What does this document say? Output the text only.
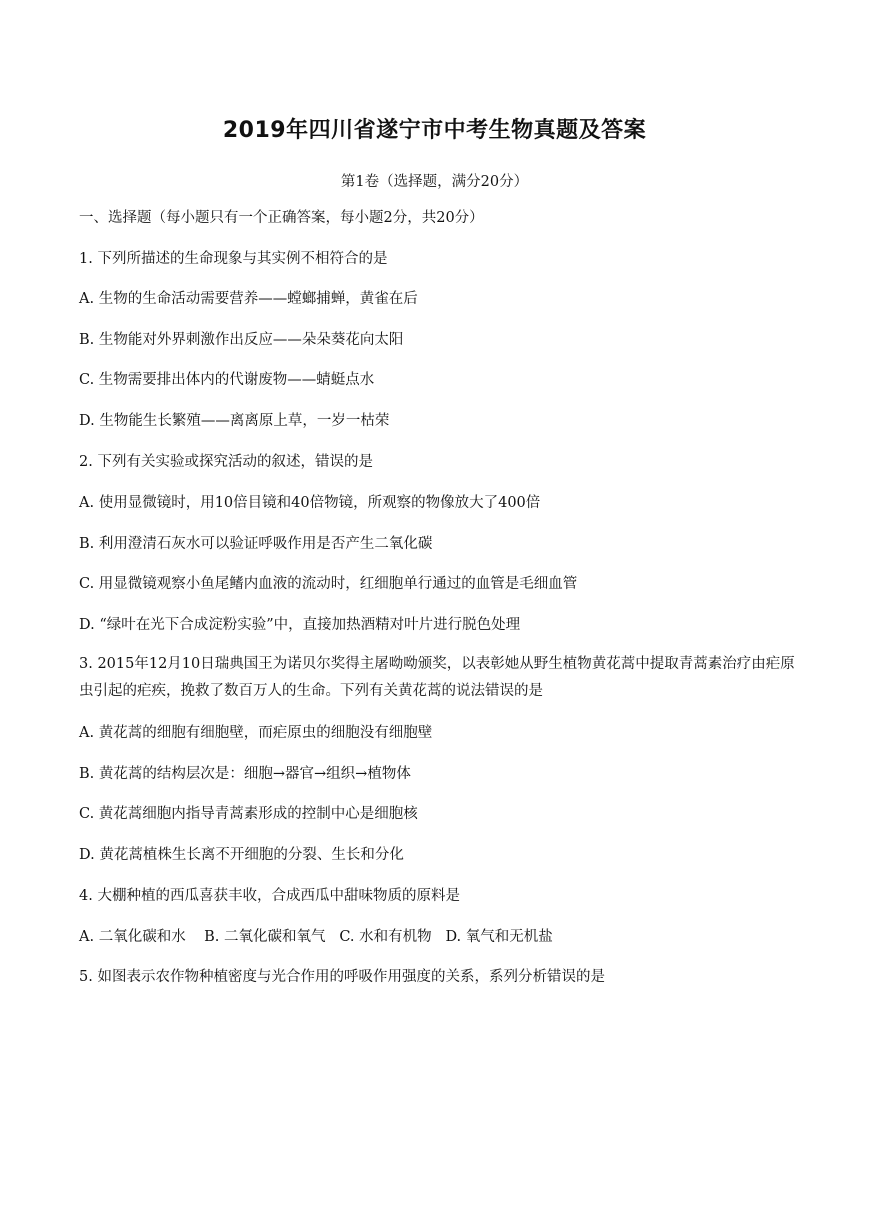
2019年四川省遂宁市中考生物真题及答案
第1卷（选择题，满分20分）
一、选择题（每小题只有一个正确答案，每小题2分，共20分）
1. 下列所描述的生命现象与其实例不相符合的是
A. 生物的生命活动需要营养——螳螂捕蝉，黄雀在后
B. 生物能对外界刺激作出反应——朵朵葵花向太阳
C. 生物需要排出体内的代谢废物——蜻蜓点水
D. 生物能生长繁殖——离离原上草，一岁一枯荣
2. 下列有关实验或探究活动的叙述，错误的是
A. 使用显微镜时，用10倍目镜和40倍物镜，所观察的物像放大了400倍
B. 利用澄清石灰水可以验证呼吸作用是否产生二氧化碳
C. 用显微镜观察小鱼尾鳍内血液的流动时，红细胞单行通过的血管是毛细血管
D. “绿叶在光下合成淀粉实验”中，直接加热酒精对叶片进行脱色处理
3. 2015年12月10日瑞典国王为诺贝尔奖得主屠呦呦颁奖，以表彰她从野生植物黄花蒿中提取青蒿素治疗由疟原虫引起的疟疾，挽救了数百万人的生命。下列有关黄花蒿的说法错误的是
A. 黄花蒿的细胞有细胞壁，而疟原虫的细胞没有细胞壁
B. 黄花蒿的结构层次是：细胞→器官→组织→植物体
C. 黄花蒿细胞内指导青蒿素形成的控制中心是细胞核
D. 黄花蒿植株生长离不开细胞的分裂、生长和分化
4. 大棚种植的西瓜喜获丰收，合成西瓜中甜味物质的原料是
A. 二氧化碳和水    B. 二氧化碳和氧气   C. 水和有机物   D. 氧气和无机盐
5. 如图表示农作物种植密度与光合作用的呼吸作用强度的关系，系列分析错误的是
